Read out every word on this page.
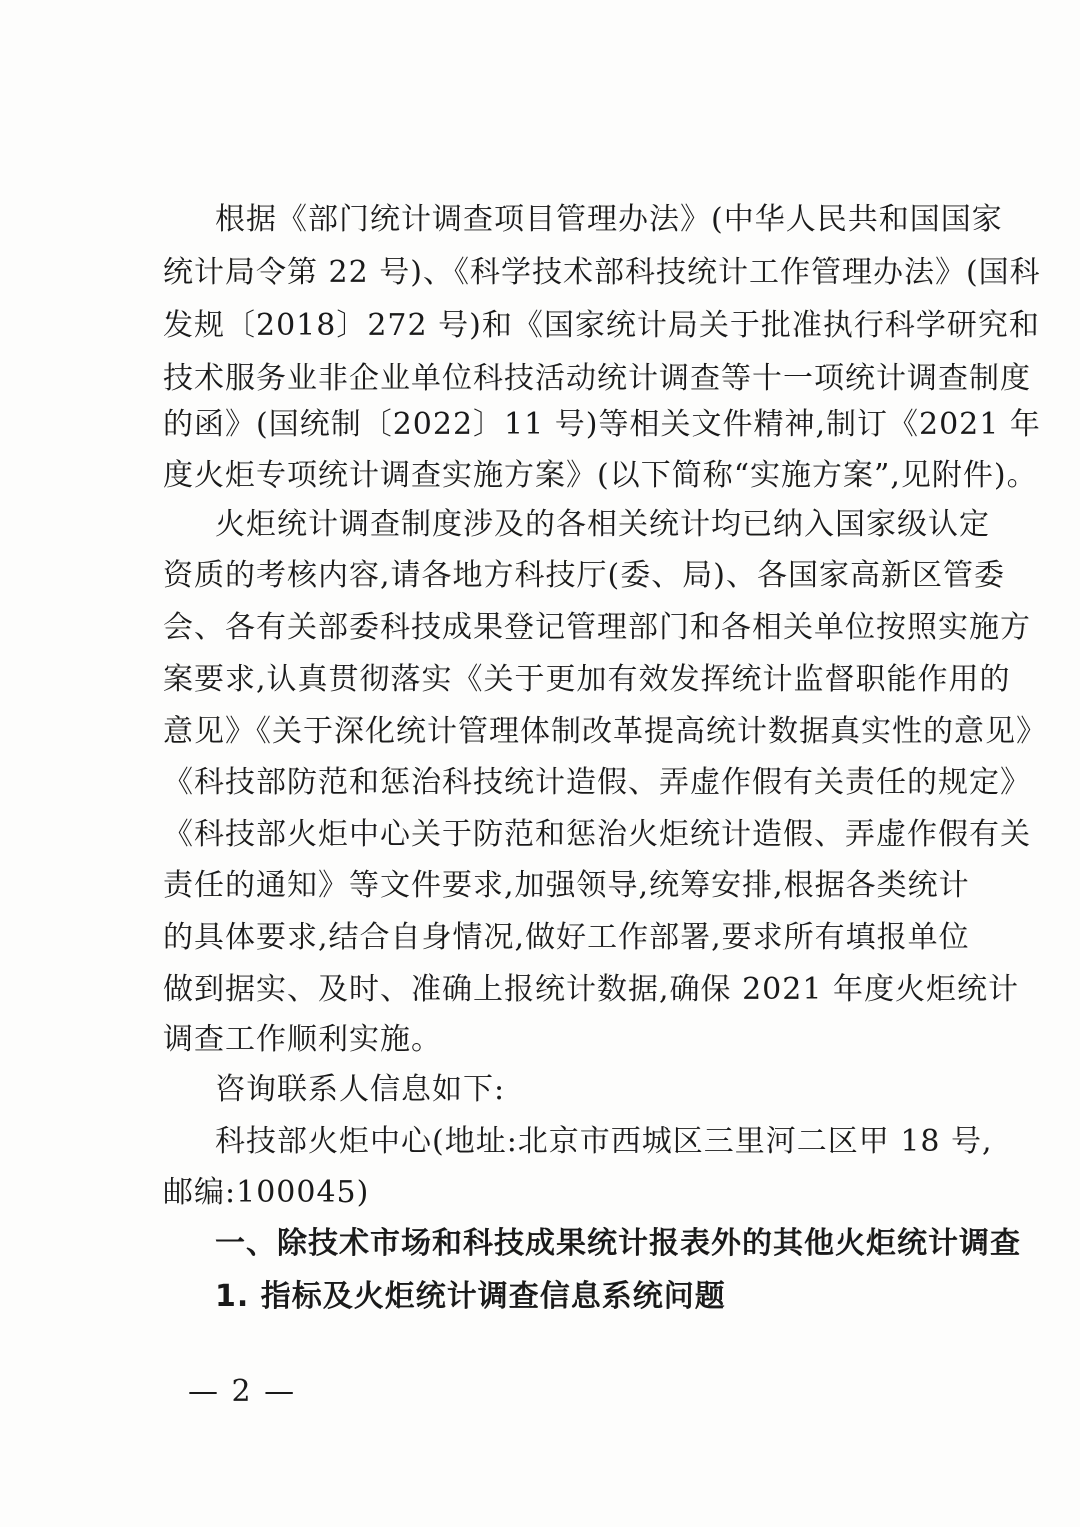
根据《部门统计调查项目管理办法》(中华人民共和国国家
统计局令第 22 号)、《科学技术部科技统计工作管理办法》(国科
发规〔2018〕272 号)和《国家统计局关于批准执行科学研究和
技术服务业非企业单位科技活动统计调查等十一项统计调查制度
的函》(国统制〔2022〕11 号)等相关文件精神,制订《2021 年
度火炬专项统计调查实施方案》(以下简称“实施方案”,见附件)。
火炬统计调查制度涉及的各相关统计均已纳入国家级认定
资质的考核内容,请各地方科技厅(委、局)、各国家高新区管委
会、各有关部委科技成果登记管理部门和各相关单位按照实施方
案要求,认真贯彻落实《关于更加有效发挥统计监督职能作用的
意见》《关于深化统计管理体制改革提高统计数据真实性的意见》
《科技部防范和惩治科技统计造假、弄虚作假有关责任的规定》
《科技部火炬中心关于防范和惩治火炬统计造假、弄虚作假有关
责任的通知》等文件要求,加强领导,统筹安排,根据各类统计
的具体要求,结合自身情况,做好工作部署,要求所有填报单位
做到据实、及时、准确上报统计数据,确保 2021 年度火炬统计
调查工作顺利实施。
咨询联系人信息如下:
科技部火炬中心(地址:北京市西城区三里河二区甲 18 号,
邮编:100045)
一、除技术市场和科技成果统计报表外的其他火炬统计调查
1. 指标及火炬统计调查信息系统问题
— 2 —
